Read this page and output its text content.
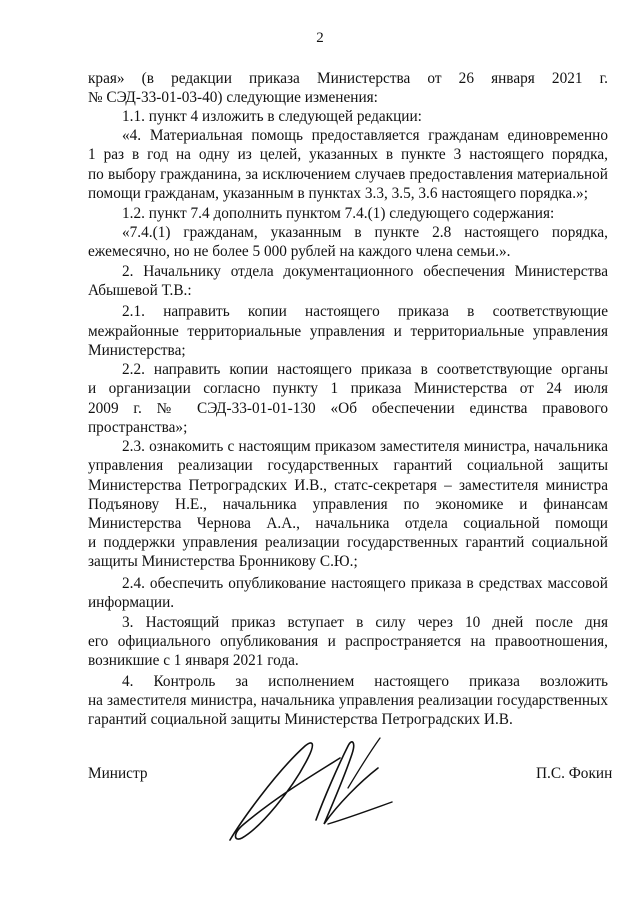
2
края» (в редакции приказа Министерства от 26 января 2021 г.
№ СЭД-33-01-03-40) следующие изменения:
1.1. пункт 4 изложить в следующей редакции:
«4. Материальная помощь предоставляется гражданам единовременно
1 раз в год на одну из целей, указанных в пункте 3 настоящего порядка,
по выбору гражданина, за исключением случаев предоставления материальной
помощи гражданам, указанным в пунктах 3.3, 3.5, 3.6 настоящего порядка.»;
1.2. пункт 7.4 дополнить пунктом 7.4.(1) следующего содержания:
«7.4.(1) гражданам, указанным в пункте 2.8 настоящего порядка,
ежемесячно, но не более 5 000 рублей на каждого члена семьи.».
2. Начальнику отдела документационного обеспечения Министерства
Абышевой Т.В.:
2.1. направить копии настоящего приказа в соответствующие
межрайонные территориальные управления и территориальные управления
Министерства;
2.2. направить копии настоящего приказа в соответствующие органы
и организации согласно пункту 1 приказа Министерства от 24 июля
2009 г. № СЭД-33-01-01-130 «Об обеспечении единства правового
пространства»;
2.3. ознакомить с настоящим приказом заместителя министра, начальника
управления реализации государственных гарантий социальной защиты
Министерства Петроградских И.В., статс-секретаря – заместителя министра
Подъянову Н.Е., начальника управления по экономике и финансам
Министерства Чернова А.А., начальника отдела социальной помощи
и поддержки управления реализации государственных гарантий социальной
защиты Министерства Бронникову С.Ю.;
2.4. обеспечить опубликование настоящего приказа в средствах массовой
информации.
3. Настоящий приказ вступает в силу через 10 дней после дня
его официального опубликования и распространяется на правоотношения,
возникшие с 1 января 2021 года.
4. Контроль за исполнением настоящего приказа возложить
на заместителя министра, начальника управления реализации государственных
гарантий социальной защиты Министерства Петроградских И.В.
Министр	П.С. Фокин
